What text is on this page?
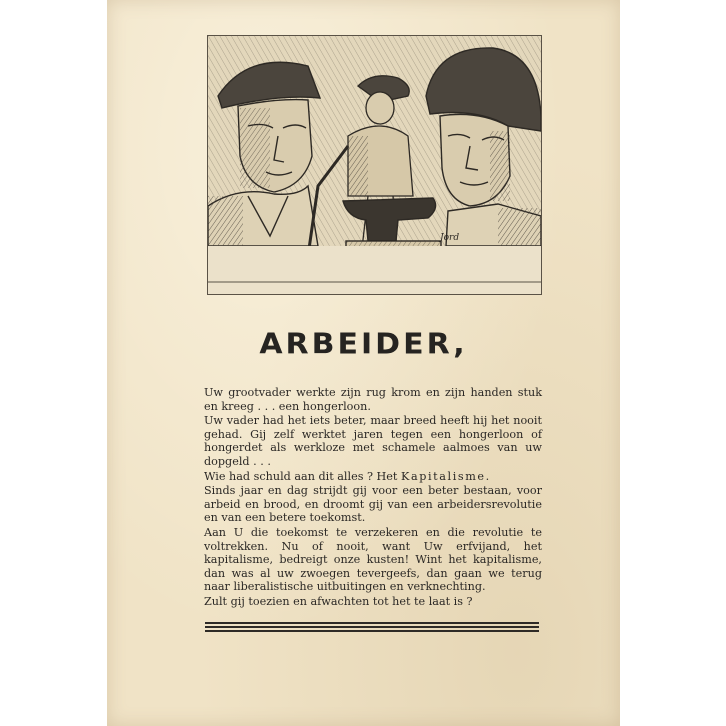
Jord
ARBEIDER,

Uw grootvader werkte zijn rug krom en zijn handen stuk en kreeg . . . een hongerloon.

Uw vader had het iets beter, maar breed heeft hij het nooit gehad. Gij zelf werktet jaren tegen een hongerloon of hongerdet als werkloze met schamele aalmoes van uw dopgeld . . .

Wie had schuld aan dit alles ? Het Kapitalisme.

Sinds jaar en dag strijdt gij voor een beter bestaan, voor arbeid en brood, en droomt gij van een arbeidersrevolutie en van een betere toekomst.

Aan U die toekomst te verzekeren en die revolutie te voltrekken. Nu of nooit, want Uw erfvijand, het kapitalisme, bedreigt onze kusten! Wint het kapitalisme, dan was al uw zwoegen tevergeefs, dan gaan we terug naar liberalistische uitbuitingen en verknechting.

Zult gij toezien en afwachten tot het te laat is ?
